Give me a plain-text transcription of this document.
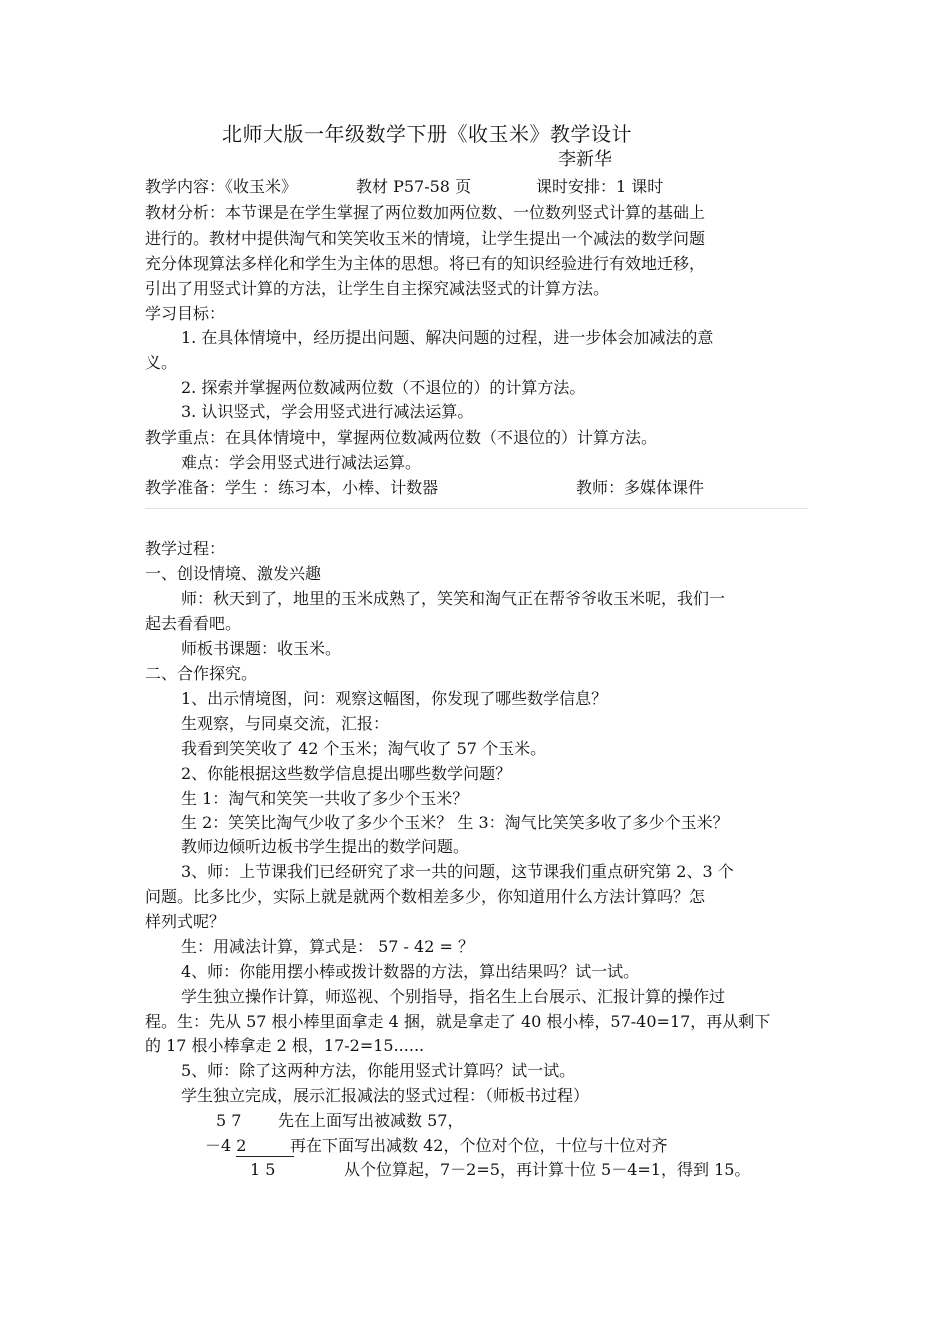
北师大版一年级数学下册《收玉米》教学设计
李新华
教学内容：《收玉米》	教材 P57-58 页	课时安排：1 课时
教材分析：本节课是在学生掌握了两位数加两位数、一位数列竖式计算的基础上
进行的。教材中提供淘气和笑笑收玉米的情境，让学生提出一个减法的数学问题
充分体现算法多样化和学生为主体的思想。将已有的知识经验进行有效地迁移，
引出了用竖式计算的方法，让学生自主探究减法竖式的计算方法。
学习目标：
1. 在具体情境中，经历提出问题、解决问题的过程，进一步体会加减法的意
义。
2. 探索并掌握两位数减两位数（不退位的）的计算方法。
3. 认识竖式，学会用竖式进行减法运算。
教学重点：在具体情境中，掌握两位数减两位数（不退位的）计算方法。
难点：学会用竖式进行减法运算。
教学准备：学生 ：练习本，小棒、计数器	教师：多媒体课件
教学过程：
一、创设情境、激发兴趣
师：秋天到了，地里的玉米成熟了，笑笑和淘气正在帮爷爷收玉米呢，我们一
起去看看吧。
师板书课题：收玉米。
二、合作探究。
1、出示情境图，问：观察这幅图，你发现了哪些数学信息？
生观察，与同桌交流，汇报：
我看到笑笑收了 42 个玉米；淘气收了 57 个玉米。
2、你能根据这些数学信息提出哪些数学问题？
生 1：淘气和笑笑一共收了多少个玉米？
生 2：笑笑比淘气少收了多少个玉米？ 生 3：淘气比笑笑多收了多少个玉米？
教师边倾听边板书学生提出的数学问题。
3、师：上节课我们已经研究了求一共的问题，这节课我们重点研究第 2、3 个
问题。比多比少，实际上就是就两个数相差多少，你知道用什么方法计算吗？怎
样列式呢？
生：用减法计算，算式是： 57 - 42 = ？
4、师：你能用摆小棒或拨计数器的方法，算出结果吗？试一试。
学生独立操作计算，师巡视、个别指导，指名生上台展示、汇报计算的操作过
程。生：先从 57 根小棒里面拿走 4 捆，就是拿走了 40 根小棒，57-40=17，再从剩下
的 17 根小棒拿走 2 根，17-2=15......
5、师：除了这两种方法，你能用竖式计算吗？试一试。
学生独立完成，展示汇报减法的竖式过程：（师板书过程）
5 7 先在上面写出被减数 57，
－4 2	再在下面写出减数 42，个位对个位，十位与十位对齐
1 5	从个位算起，7－2=5，再计算十位 5－4=1，得到 15。
